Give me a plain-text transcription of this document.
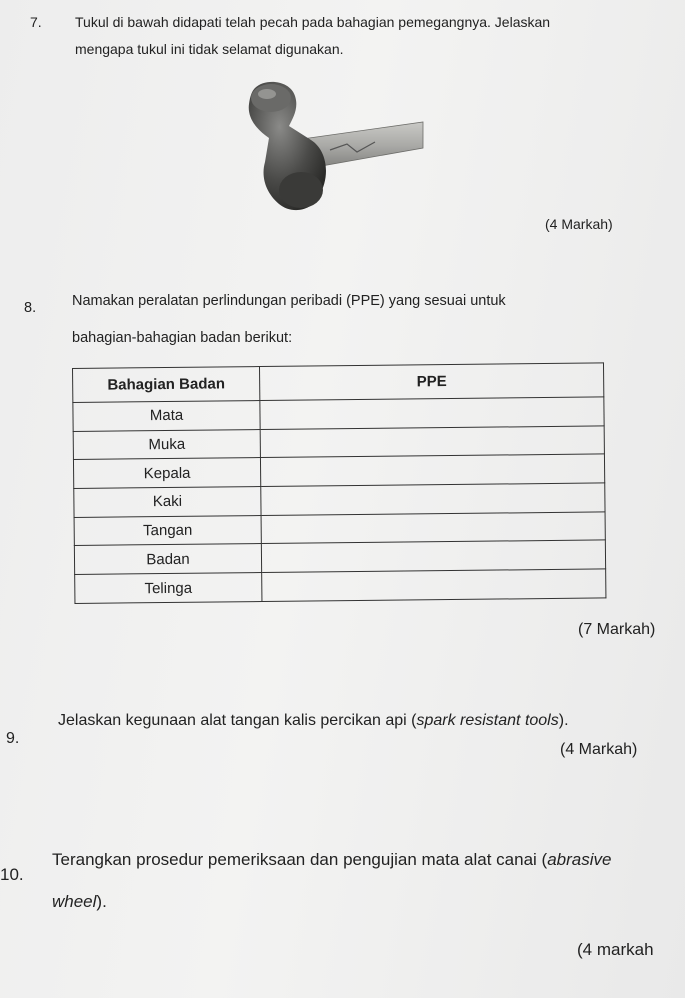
7. Tukul di bawah didapati telah pecah pada bahagian pemegangnya. Jelaskan
mengapa tukul ini tidak selamat digunakan.
(4 Markah)
8. Namakan peralatan perlindungan peribadi (PPE) yang sesuai untuk
bahagian-bahagian badan berikut:
Bahagian Badan	PPE
Mata	
Muka	
Kepala	
Kaki	
Tangan	
Badan	
Telinga	
(7 Markah)
9.
Jelaskan kegunaan alat tangan kalis percikan api (spark resistant tools).
(4 Markah)
10.
Terangkan prosedur pemeriksaan dan pengujian mata alat canai (abrasive
wheel).
(4 markah
